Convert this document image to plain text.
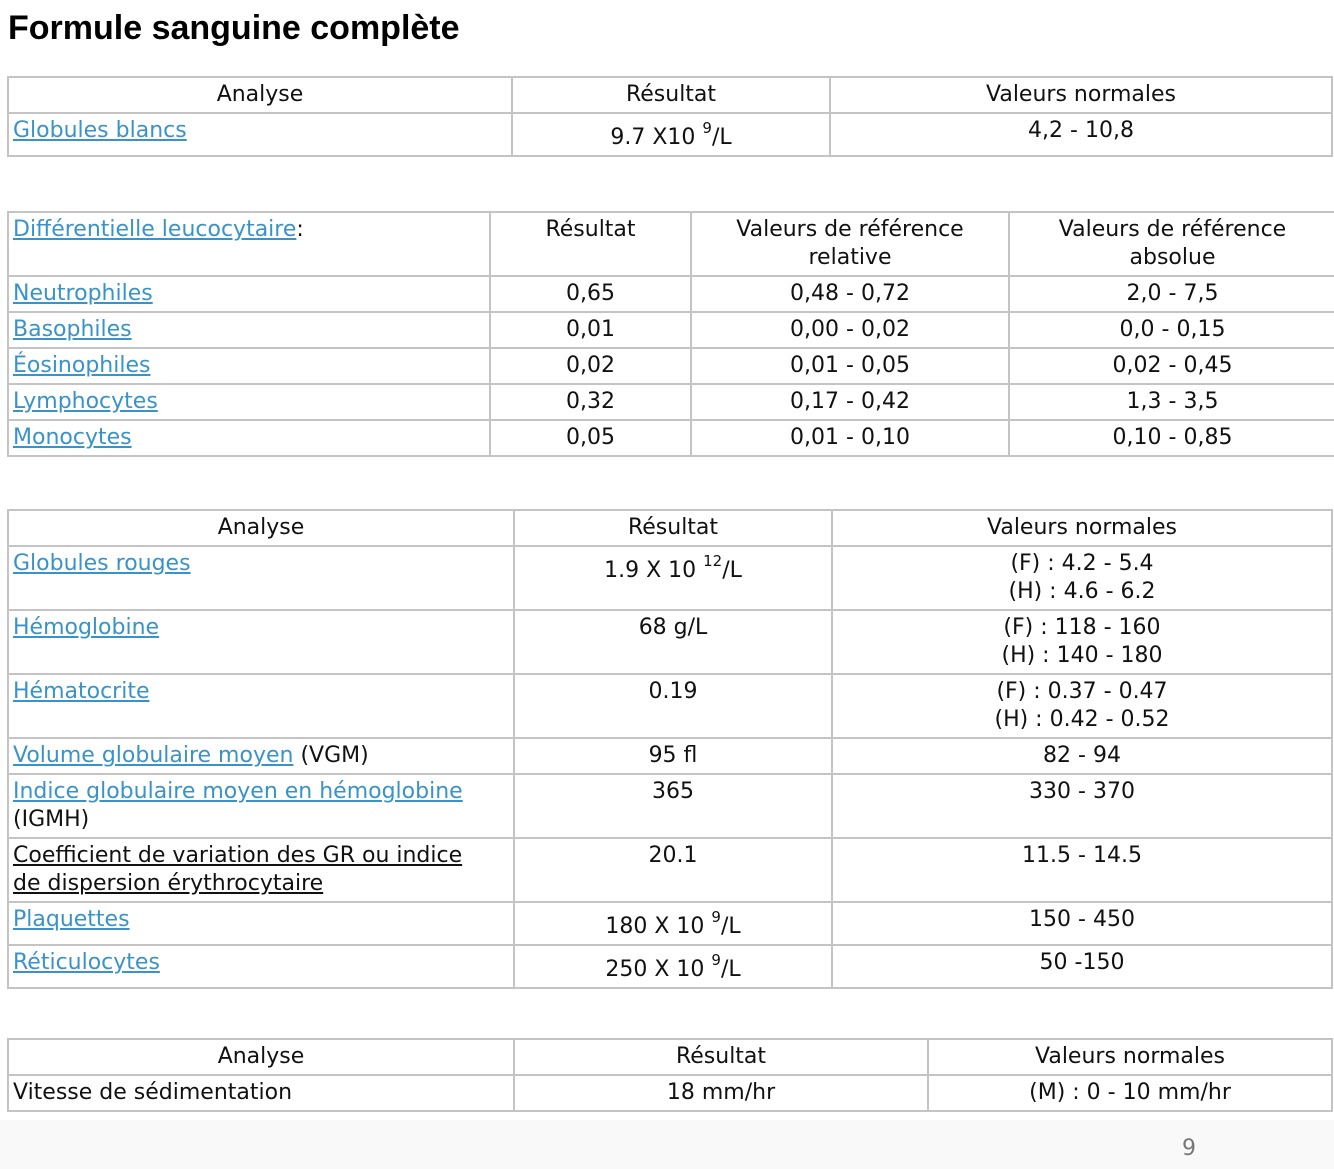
Formule sanguine complète
Analyse	Résultat	Valeurs normales
Globules blancs	9.7 X10 $^9$/L	4,2 - 10,8
Différentielle leucocytaire:	Résultat	Valeurs de référence relative	Valeurs de référence absolue
Neutrophiles	0,65	0,48 - 0,72	2,0 - 7,5
Basophiles	0,01	0,00 - 0,02	0,0 - 0,15
Éosinophiles	0,02	0,01 - 0,05	0,02 - 0,45
Lymphocytes	0,32	0,17 - 0,42	1,3 - 3,5
Monocytes	0,05	0,01 - 0,10	0,10 - 0,85
Analyse	Résultat	Valeurs normales
Globules rouges	1.9 X 10 $^{12}$/L	(F) : 4.2 - 5.4
(H) : 4.6 - 6.2

Hémoglobine	68 g/L	(F) : 118 - 160
(H) : 140 - 180

Hématocrite	0.19	(F) : 0.37 - 0.47
(H) : 0.42 - 0.52

Volume globulaire moyen (VGM)	95 fl	82 - 94
Indice globulaire moyen en hémoglobine
(IGMH)	365	330 - 370
Coefficient de variation des GR ou indice
de dispersion érythrocytaire	20.1	11.5 - 14.5
Plaquettes	180 X 10 $^9$/L	150 - 450
Réticulocytes	250 X 10 $^9$/L	50 -150
Analyse	Résultat	Valeurs normales
Vitesse de sédimentation	18 mm/hr	(M) : 0 - 10 mm/hr
9
